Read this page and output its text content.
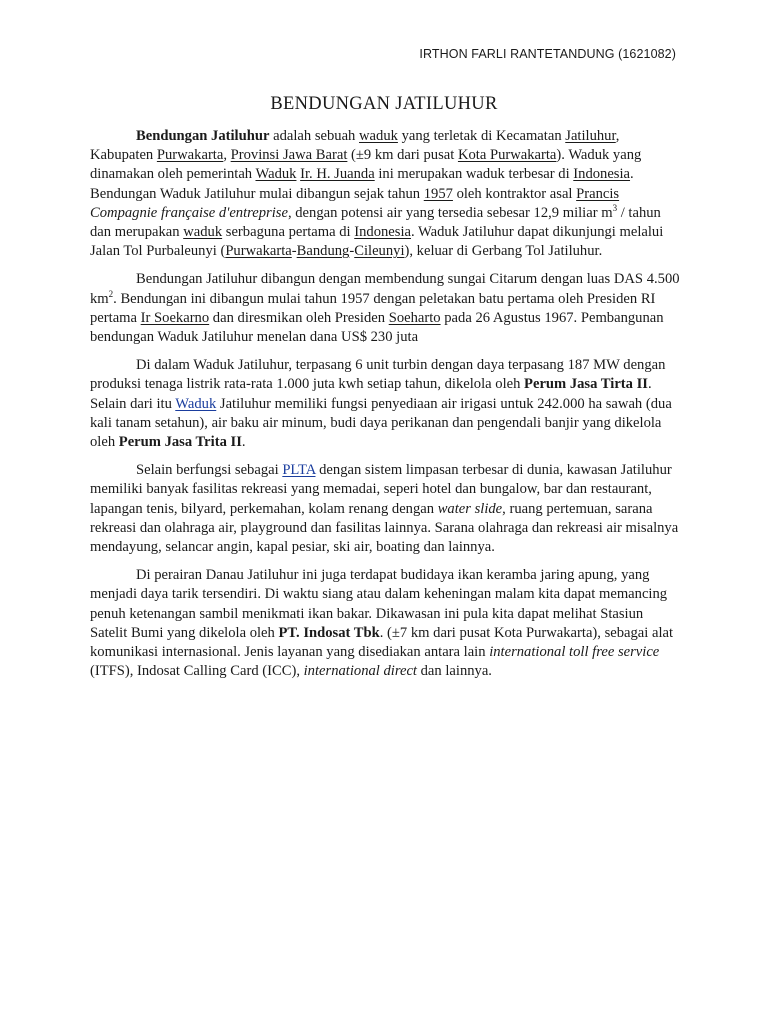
IRTHON FARLI RANTETANDUNG (1621082)
BENDUNGAN JATILUHUR

Bendungan Jatiluhur adalah sebuah waduk yang terletak di Kecamatan Jatiluhur, Kabupaten Purwakarta, Provinsi Jawa Barat (±9 km dari pusat Kota Purwakarta). Waduk yang dinamakan oleh pemerintah Waduk Ir. H. Juanda ini merupakan waduk terbesar di Indonesia. Bendungan Waduk Jatiluhur mulai dibangun sejak tahun 1957 oleh kontraktor asal Prancis Compagnie française d'entreprise, dengan potensi air yang tersedia sebesar 12,9 miliar $m^3$ / tahun dan merupakan waduk serbaguna pertama di Indonesia. Waduk Jatiluhur dapat dikunjungi melalui Jalan Tol Purbaleunyi (Purwakarta-Bandung-Cileunyi), keluar di Gerbang Tol Jatiluhur.

Bendungan Jatiluhur dibangun dengan membendung sungai Citarum dengan luas DAS 4.500 $km^2$. Bendungan ini dibangun mulai tahun 1957 dengan peletakan batu pertama oleh Presiden RI pertama Ir Soekarno dan diresmikan oleh Presiden Soeharto pada 26 Agustus 1967. Pembangunan bendungan Waduk Jatiluhur menelan dana US$ 230 juta

Di dalam Waduk Jatiluhur, terpasang 6 unit turbin dengan daya terpasang 187 MW dengan produksi tenaga listrik rata-rata 1.000 juta kwh setiap tahun, dikelola oleh Perum Jasa Tirta II. Selain dari itu Waduk Jatiluhur memiliki fungsi penyediaan air irigasi untuk 242.000 ha sawah (dua kali tanam setahun), air baku air minum, budi daya perikanan dan pengendali banjir yang dikelola oleh Perum Jasa Trita II.

Selain berfungsi sebagai PLTA dengan sistem limpasan terbesar di dunia, kawasan Jatiluhur memiliki banyak fasilitas rekreasi yang memadai, seperi hotel dan bungalow, bar dan restaurant, lapangan tenis, bilyard, perkemahan, kolam renang dengan water slide, ruang pertemuan, sarana rekreasi dan olahraga air, playground dan fasilitas lainnya. Sarana olahraga dan rekreasi air misalnya mendayung, selancar angin, kapal pesiar, ski air, boating dan lainnya.

Di perairan Danau Jatiluhur ini juga terdapat budidaya ikan keramba jaring apung, yang menjadi daya tarik tersendiri. Di waktu siang atau dalam keheningan malam kita dapat memancing penuh ketenangan sambil menikmati ikan bakar. Dikawasan ini pula kita dapat melihat Stasiun Satelit Bumi yang dikelola oleh PT. Indosat Tbk. (±7 km dari pusat Kota Purwakarta), sebagai alat komunikasi internasional. Jenis layanan yang disediakan antara lain international toll free service (ITFS), Indosat Calling Card (ICC), international direct dan lainnya.
